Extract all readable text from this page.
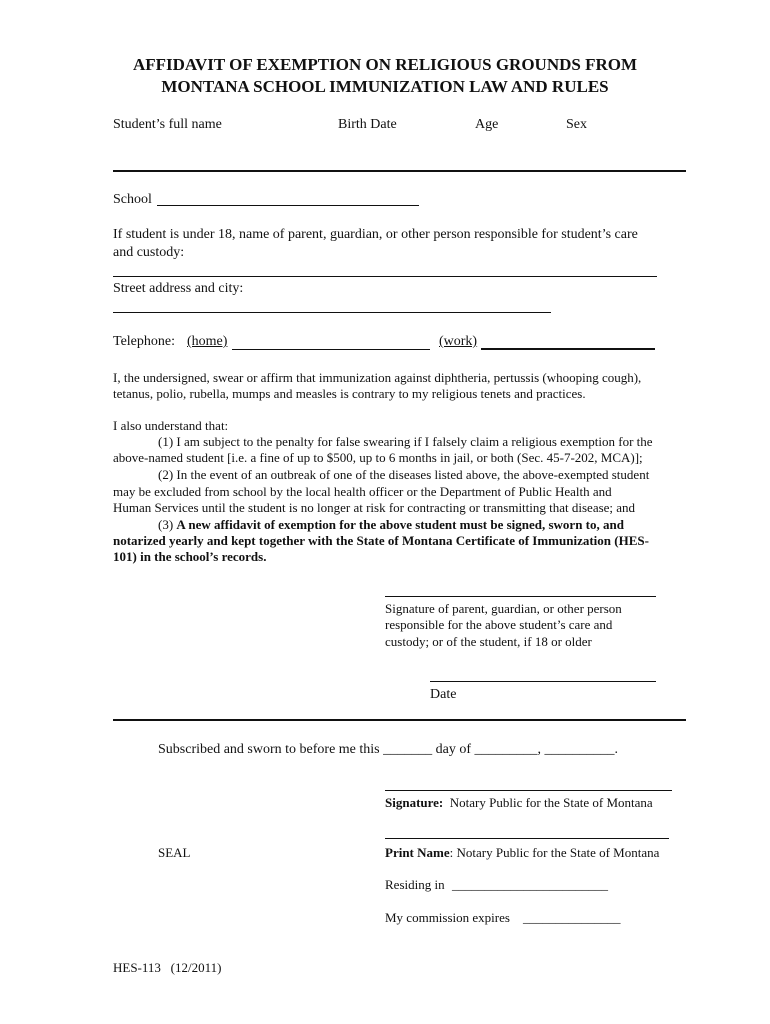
AFFIDAVIT OF EXEMPTION ON RELIGIOUS GROUNDS FROM
MONTANA SCHOOL IMMUNIZATION LAW AND RULES
Student’s full name	Birth Date	Age	Sex
School
If student is under 18, name of parent, guardian, or other person responsible for student’s care
and custody:
Street address and city:
Telephone: (home)	(work)
I, the undersigned, swear or affirm that immunization against diphtheria, pertussis (whooping cough),
tetanus, polio, rubella, mumps and measles is contrary to my religious tenets and practices.
I also understand that:
(1) I am subject to the penalty for false swearing if I falsely claim a religious exemption for the
above-named student [i.e. a fine of up to $500, up to 6 months in jail, or both (Sec. 45-7-202, MCA)];
(2) In the event of an outbreak of one of the diseases listed above, the above-exempted student
may be excluded from school by the local health officer or the Department of Public Health and
Human Services until the student is no longer at risk for contracting or transmitting that disease; and
(3) A new affidavit of exemption for the above student must be signed, sworn to, and
notarized yearly and kept together with the State of Montana Certificate of Immunization (HES-
101) in the school’s records.
Signature of parent, guardian, or other person
responsible for the above student’s care and
custody; or of the student, if 18 or older
Date
Subscribed and sworn to before me this _______ day of _________, __________.
Signature: Notary Public for the State of Montana
SEAL	Print Name: Notary Public for the State of Montana
Residing in ________________________
My commission expires _______________
HES-113   (12/2011)
